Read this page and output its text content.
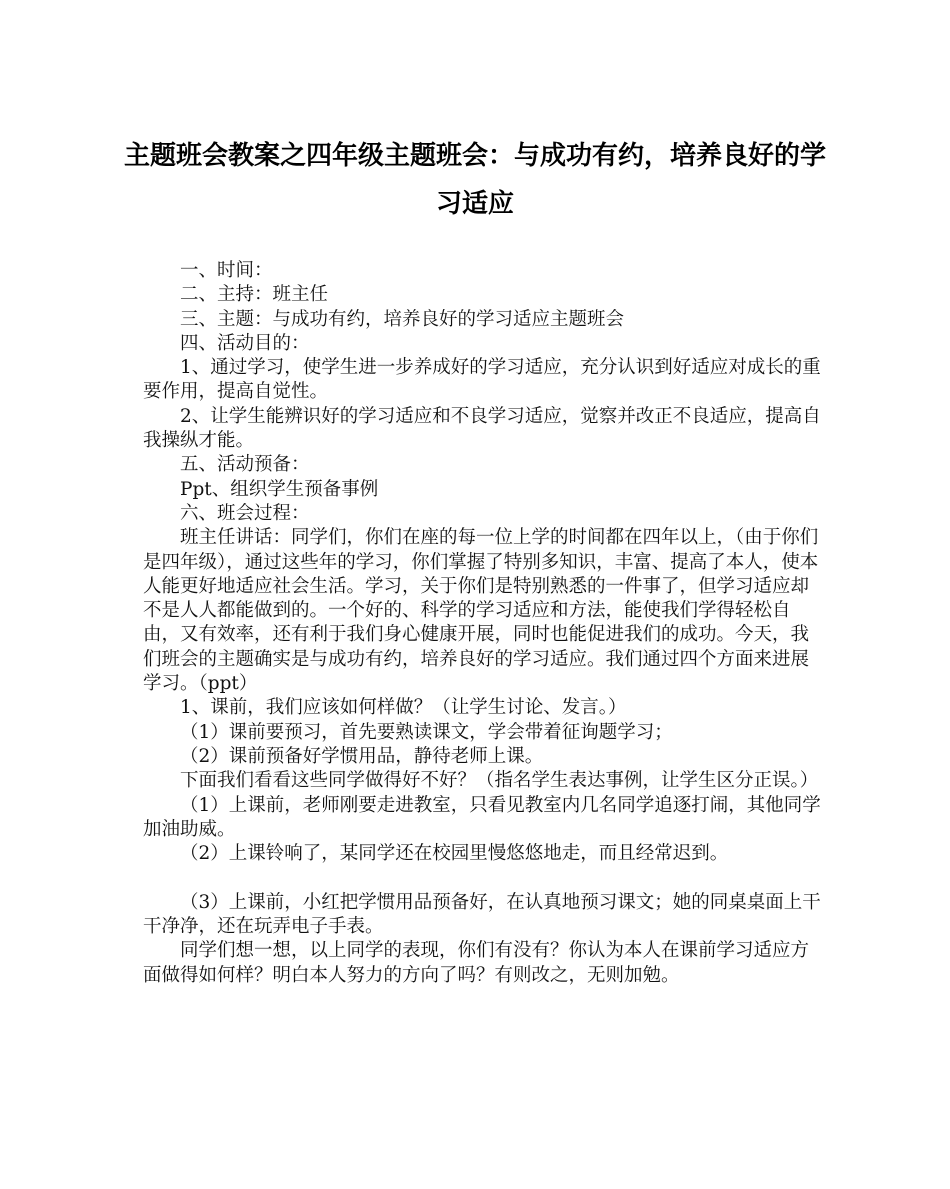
主题班会教案之四年级主题班会：与成功有约，培养良好的学习适应

一、时间：

二、主持：班主任

三、主题：与成功有约，培养良好的学习适应主题班会

四、活动目的：

1、通过学习，使学生进一步养成好的学习适应，充分认识到好适应对成长的重要作用，提高自觉性。

2、让学生能辨识好的学习适应和不良学习适应，觉察并改正不良适应，提高自我操纵才能。

五、活动预备：

Ppt、组织学生预备事例

六、班会过程：

班主任讲话：同学们，你们在座的每一位上学的时间都在四年以上，（由于你们是四年级），通过这些年的学习，你们掌握了特别多知识，丰富、提高了本人，使本人能更好地适应社会生活。学习，关于你们是特别熟悉的一件事了，但学习适应却不是人人都能做到的。一个好的、科学的学习适应和方法，能使我们学得轻松自由，又有效率，还有利于我们身心健康开展，同时也能促进我们的成功。今天，我们班会的主题确实是与成功有约，培养良好的学习适应。我们通过四个方面来进展学习。（ppt）

1、课前，我们应该如何样做？（让学生讨论、发言。）

（1）课前要预习，首先要熟读课文，学会带着征询题学习；

（2）课前预备好学惯用品，静待老师上课。

下面我们看看这些同学做得好不好？（指名学生表达事例，让学生区分正误。）

（1）上课前，老师刚要走进教室，只看见教室内几名同学追逐打闹，其他同学加油助威。

（2）上课铃响了，某同学还在校园里慢悠悠地走，而且经常迟到。

（3）上课前，小红把学惯用品预备好，在认真地预习课文；她的同桌桌面上干干净净，还在玩弄电子手表。

同学们想一想，以上同学的表现，你们有没有？你认为本人在课前学习适应方面做得如何样？明白本人努力的方向了吗？有则改之，无则加勉。
